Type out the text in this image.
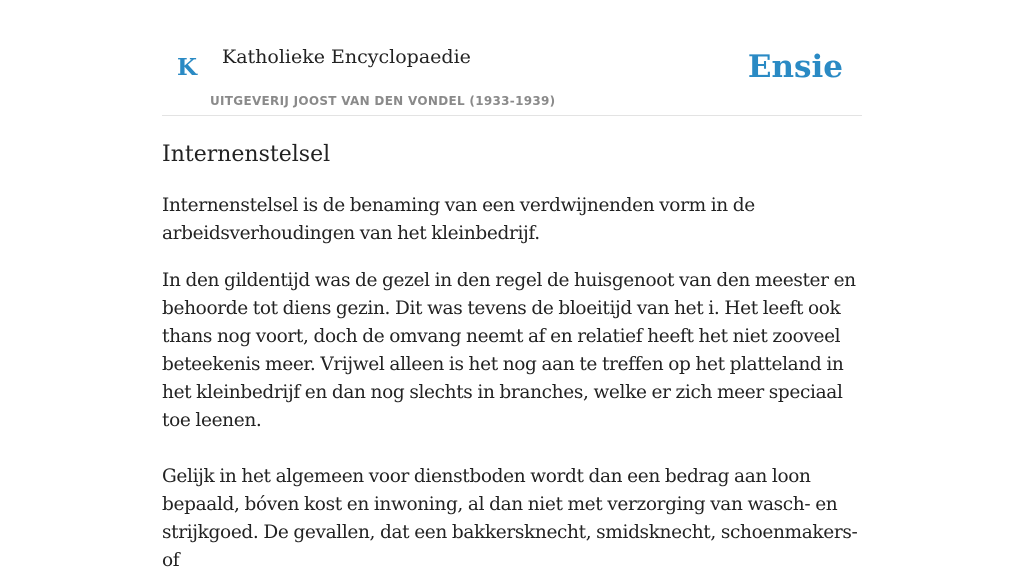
K Katholieke Encyclopaedie
UITGEVERIJ JOOST VAN DEN VONDEL (1933-1939)
Ensie
Internenstelsel

Internenstelsel is de benaming van een verdwijnenden vorm in de arbeidsverhoudingen van het kleinbedrijf.

In den gildentijd was de gezel in den regel de huisgenoot van den meester en behoorde tot diens gezin. Dit was tevens de bloeitijd van het i. Het leeft ook thans nog voort, doch de omvang neemt af en relatief heeft het niet zooveel beteekenis meer. Vrijwel alleen is het nog aan te treffen op het platteland in het kleinbedrijf en dan nog slechts in branches, welke er zich meer speciaal toe leenen.

Gelijk in het algemeen voor dienstboden wordt dan een bedrag aan loon bepaald, bóven kost en inwoning, al dan niet met verzorging van wasch- en strijkgoed. De gevallen, dat een bakkersknecht, smidsknecht, schoenmakers- of
